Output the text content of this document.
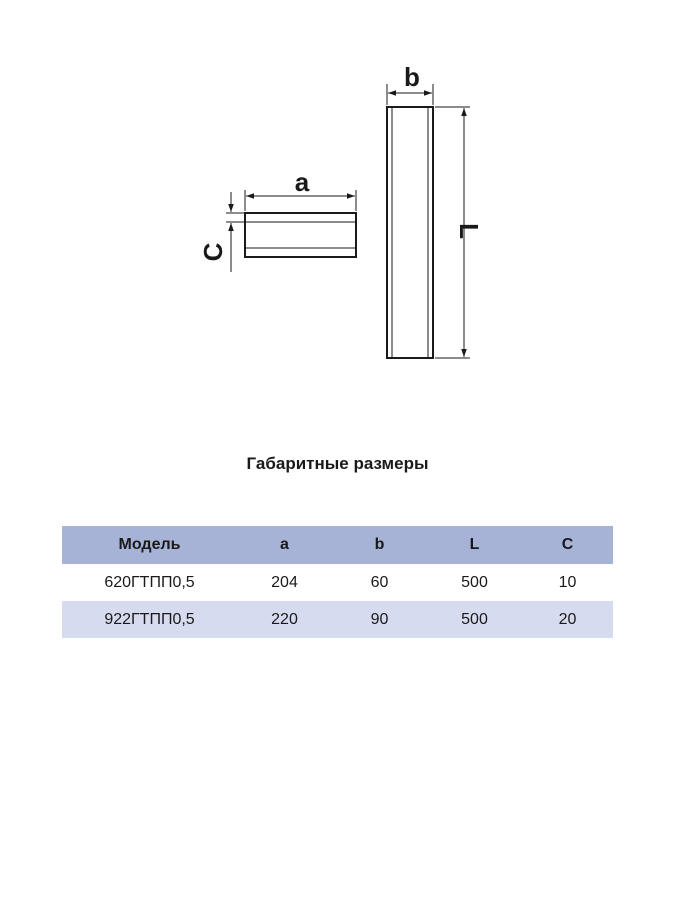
a
C
b
L
Габаритные размеры
Модель	a	b	L	C
620ГТПП0,5	204	60	500	10
922ГТПП0,5	220	90	500	20
